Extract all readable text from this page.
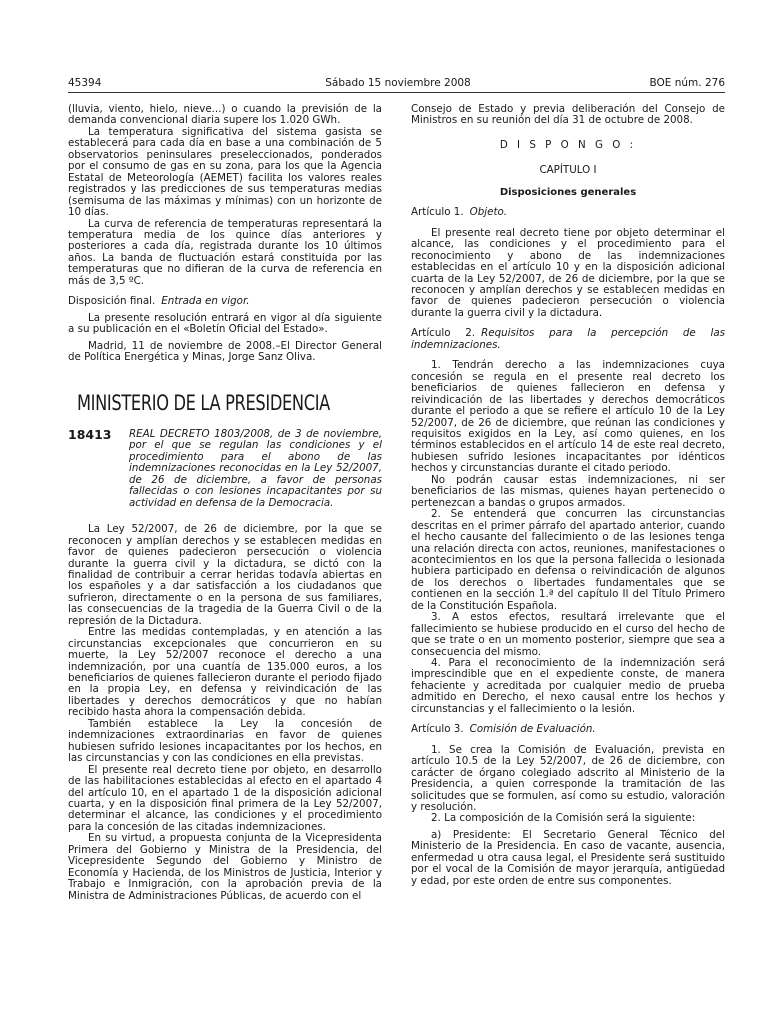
45394	Sábado 15 noviembre 2008	BOE núm. 276

(lluvia, viento, hielo, nieve...) o cuando la previsión de la demanda convencional diaria supere los 1.020 GWh.

La temperatura significativa del sistema gasista se establecerá para cada día en base a una combinación de 5 observatorios peninsulares preseleccionados, ponderados por el consumo de gas en su zona, para los que la Agencia Estatal de Meteorología (AEMET) facilita los valores reales registrados y las predicciones de sus temperaturas medias (semisuma de las máximas y mínimas) con un horizonte de 10 días.

La curva de referencia de temperaturas representará la temperatura media de los quince días anteriores y posteriores a cada día, registrada durante los 10 últimos años. La banda de fluctuación estará constituida por las temperaturas que no difieran de la curva de referencia en más de 3,5 ºC.

Disposición final. Entrada en vigor.

La presente resolución entrará en vigor al día siguiente a su publicación en el «Boletín Oficial del Estado».

Madrid, 11 de noviembre de 2008.–El Director General de Política Energética y Minas, Jorge Sanz Oliva.

MINISTERIO DE LA PRESIDENCIA

18413 REAL DECRETO 1803/2008, de 3 de noviembre, por el que se regulan las condiciones y el procedimiento para el abono de las indemnizaciones reconocidas en la Ley 52/2007, de 26 de diciembre, a favor de personas fallecidas o con lesiones incapacitantes por su actividad en defensa de la Democracia.

La Ley 52/2007, de 26 de diciembre, por la que se reconocen y amplían derechos y se establecen medidas en favor de quienes padecieron persecución o violencia durante la guerra civil y la dictadura, se dictó con la finalidad de contribuir a cerrar heridas todavía abiertas en los españoles y a dar satisfacción a los ciudadanos que sufrieron, directamente o en la persona de sus familiares, las consecuencias de la tragedia de la Guerra Civil o de la represión de la Dictadura.

Entre las medidas contempladas, y en atención a las circunstancias excepcionales que concurrieron en su muerte, la Ley 52/2007 reconoce el derecho a una indemnización, por una cuantía de 135.000 euros, a los beneficiarios de quienes fallecieron durante el periodo fijado en la propia Ley, en defensa y reivindicación de las libertades y derechos democráticos y que no habían recibido hasta ahora la compensación debida.

También establece la Ley la concesión de indemnizaciones extraordinarias en favor de quienes hubiesen sufrido lesiones incapacitantes por los hechos, en las circunstancias y con las condiciones en ella previstas.

El presente real decreto tiene por objeto, en desarrollo de las habilitaciones establecidas al efecto en el apartado 4 del artículo 10, en el apartado 1 de la disposición adicional cuarta, y en la disposición final primera de la Ley 52/2007, determinar el alcance, las condiciones y el procedimiento para la concesión de las citadas indemnizaciones.

En su virtud, a propuesta conjunta de la Vicepresidenta Primera del Gobierno y Ministra de la Presidencia, del Vicepresidente Segundo del Gobierno y Ministro de Economía y Hacienda, de los Ministros de Justicia, Interior y Trabajo e Inmigración, con la aprobación previa de la Ministra de Administraciones Públicas, de acuerdo con el

Consejo de Estado y previa deliberación del Consejo de Ministros en su reunión del día 31 de octubre de 2008.

D I S P O N G O :

CAPÍTULO I

Disposiciones generales

Artículo 1. Objeto.

El presente real decreto tiene por objeto determinar el alcance, las condiciones y el procedimiento para el reconocimiento y abono de las indemnizaciones establecidas en el artículo 10 y en la disposición adicional cuarta de la Ley 52/2007, de 26 de diciembre, por la que se reconocen y amplían derechos y se establecen medidas en favor de quienes padecieron persecución o violencia durante la guerra civil y la dictadura.

Artículo 2. Requisitos para la percepción de las indemnizaciones.

1. Tendrán derecho a las indemnizaciones cuya concesión se regula en el presente real decreto los beneficiarios de quienes fallecieron en defensa y reivindicación de las libertades y derechos democráticos durante el periodo a que se refiere el artículo 10 de la Ley 52/2007, de 26 de diciembre, que reúnan las condiciones y requisitos exigidos en la Ley, así como quienes, en los términos establecidos en el artículo 14 de este real decreto, hubiesen sufrido lesiones incapacitantes por idénticos hechos y circunstancias durante el citado periodo.

No podrán causar estas indemnizaciones, ni ser beneficiarios de las mismas, quienes hayan pertenecido o pertenezcan a bandas o grupos armados.

2. Se entenderá que concurren las circunstancias descritas en el primer párrafo del apartado anterior, cuando el hecho causante del fallecimiento o de las lesiones tenga una relación directa con actos, reuniones, manifestaciones o acontecimientos en los que la persona fallecida o lesionada hubiera participado en defensa o reivindicación de algunos de los derechos o libertades fundamentales que se contienen en la sección 1.ª del capítulo II del Título Primero de la Constitución Española.

3. A estos efectos, resultará irrelevante que el fallecimiento se hubiese producido en el curso del hecho de que se trate o en un momento posterior, siempre que sea a consecuencia del mismo.

4. Para el reconocimiento de la indemnización será imprescindible que en el expediente conste, de manera fehaciente y acreditada por cualquier medio de prueba admitido en Derecho, el nexo causal entre los hechos y circunstancias y el fallecimiento o la lesión.

Artículo 3. Comisión de Evaluación.

1. Se crea la Comisión de Evaluación, prevista en artículo 10.5 de la Ley 52/2007, de 26 de diciembre, con carácter de órgano colegiado adscrito al Ministerio de la Presidencia, a quien corresponde la tramitación de las solicitudes que se formulen, así como su estudio, valoración y resolución.

2. La composición de la Comisión será la siguiente:

a) Presidente: El Secretario General Técnico del Ministerio de la Presidencia. En caso de vacante, ausencia, enfermedad u otra causa legal, el Presidente será sustituido por el vocal de la Comisión de mayor jerarquía, antigüedad y edad, por este orden de entre sus componentes.
